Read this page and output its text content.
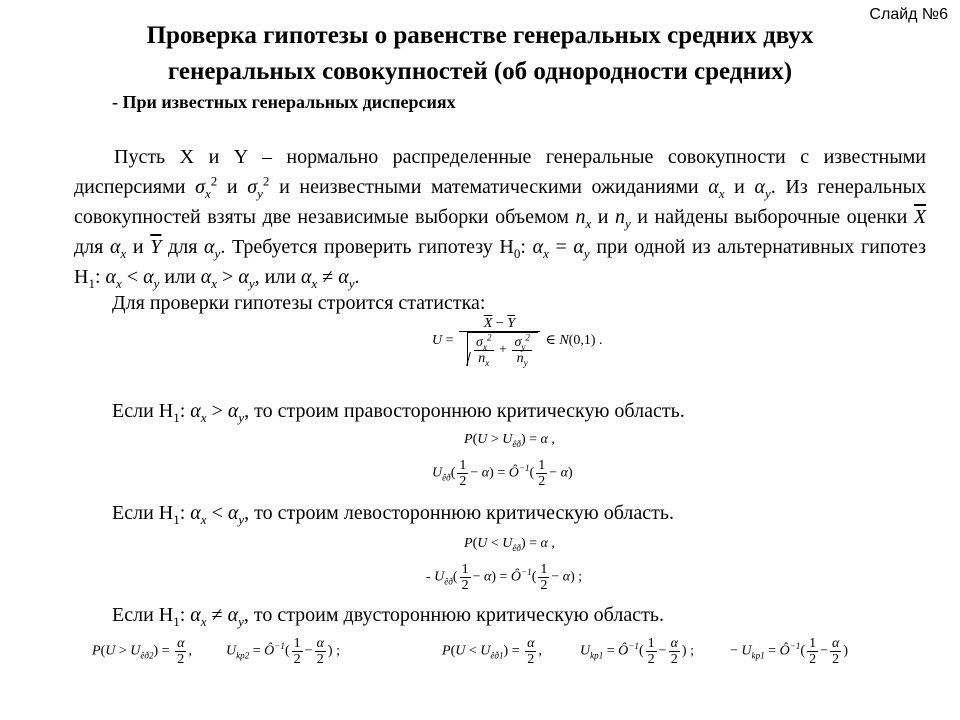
Слайд №6
Проверка гипотезы о равенстве генеральных средних двух
генеральных совокупностей (об однородности средних)
- При известных генеральных дисперсиях
Пусть X и Y – нормально распределенные генеральные совокупности с известными дисперсиями $\sigma_x^2$ и $\sigma_y^2$ и неизвестными математическими ожиданиями $\alpha_x$ и $\alpha_y$. Из генеральных совокупностей взяты две независимые выборки объемом $n_x$ и $n_y$ и найдены выборочные оценки $\overline{X}$ для $\alpha_x$ и $\overline{Y}$ для $\alpha_y$. Требуется проверить гипотезу $H_0$: $\alpha_x = \alpha_y$ при одной из альтернативных гипотез $H_1$: $\alpha_x < \alpha_y$ или $\alpha_x > \alpha_y$, или $\alpha_x \ne \alpha_y$.
Для проверки гипотезы строится статистка:
$U = \frac{\overline{X} - \overline{Y}}{\frac{\sigma_x^2}{n_x} + \frac{\sigma_y^2}{n_y}}$ ∈ N(0,1) .
Если $H_1$: $\alpha_x > \alpha_y$, то строим правостороннюю критическую область.
$P(U > U_{êð}) = \alpha$ ,
$U_{êð}( \frac{1}{2} - \alpha)$ = $Ô^{-1}( \frac{1}{2} - \alpha)$
Если $H_1$: $\alpha_x < \alpha_y$, то строим левостороннюю критическую область.
$P(U < U_{êð}) = \alpha$ ,
- $U_{êð}( \frac{1}{2} - \alpha)$ = $Ô^{-1}( \frac{1}{2} - \alpha)$ ;
Если $H_1$: $\alpha_x \ne \alpha_y$, то строим двустороннюю критическую область.
$P(U > U_{êð2}) = \frac{\alpha}{2}$ , $U_{kp2}$ = $Ô^{-1}( \frac{1}{2} - \frac{\alpha}{2}$ ) ;	$P(U < U_{êð1}) = \frac{\alpha}{2}$ ,	$U_{kp1}$ = $Ô^{-1}( \frac{1}{2} - \frac{\alpha}{2}$ ) ;	− $U_{kp1}$ = $Ô^{-1}( \frac{1}{2} - \frac{\alpha}{2}$ )
